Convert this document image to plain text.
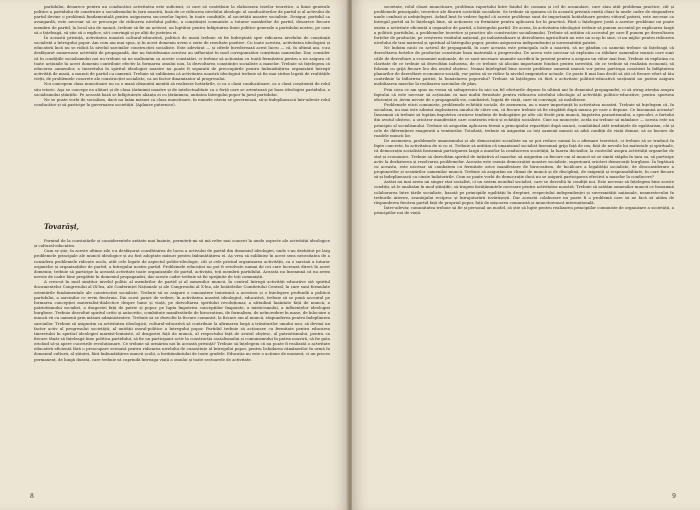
partidului, deoarece pentru un conducător activitatea este suficient, ci care să contribuie la elaborarea tezelor teoretice, a liniei generale politice a partidului de construire a socialismului în țara noastră, însă de ce ridicarea nivelului ideologic al conducătorilor de partid și al activului de partid devine o problemă fundamentală pentru asigurarea succeselor luptei, în toate condițiile, al societății noastre socialiste. Desigur, partidul ca avangardă, este necesar să se preocupe de ridicarea nivelului politic, a conștiinței comuniste a tuturor membrilor de partid, deoarece fiecare membru de partid, la locul său de muncă, trebuie să fie un activist, un luptător pentru înfăptuirea liniei politice generale a partidului nostru, pe care să o înțeleagă, să știe să o explice, să-i convingă și pe alții de justețea ei.

În această privință, activitatea noastră cultural-educativă, politică de masă trebuie să fie îndreptată spre ridicarea nivelului de conștiință socialistă a întregului popor. Am cum am mai spus, și în acest domeniu avem o serie de rezultate pozitive. Cu toate acestea, activitatea ideologică și educativă încă nu se ridică la nivelul sarcinilor construcției socialiste. Este adevărat — și cifrele învederează acest lucru — că, în ultimii ani, s-au desfășurat numeroase activități de propagandă, dar nu întotdeauna acestea au influențat în mod corespunzător conștiința oamenilor. Dar, consider că în condițiile socialismului noi nu trebuie să ne mulțumim cu aceste constatări, ci trebuie să acționăm cu toată fermitatea pentru a ne asigura că toate acțiunile în acest domeniu contribuie efectiv la formarea omului nou, la dezvoltarea conștiinței socialiste a maselor. Trebuie să înțelegem că educarea oamenilor, a tineretului în spiritul ideologiei noastre nu poate fi separată de preocupările pentru îmbunătățirea organizării întregii activități de masă, a muncii de partid cu oamenii. Trebuie să subliniem că activitatea noastră ideologică trebuie să fie mai strâns legată de realitățile vieții, de problemele concrete ale construcției socialiste, ca un factor dinamizator al progresului.

Noi concepem clasa muncitoare nu ca o masă obișnuită menită să realizeze hotărârile, ci ca o clasă conducătoare, ca o clasă conștientă de rolul său istoric. Aşa se concepe ea alături și de clasa țărănimii noastre și de intelectualitate ca o forță care se orientează pe baza ideologiei partidului, a socialismului științific. Pe această bază se înfăptuiește alianța ei cu țărănimea, unitatea întregului popor în jurul partidului.

Ne se poate vorbi de socialism, dacă nu luăm măsuri ca clasa muncitoare, în numele căreia se guvernează, să-și îndeplinească într-adevăr rolul conducător și să participe la guvernarea societății. (Aplauze puternice).

Tovarăși,

Pornind de la constatările și considerentele arătate mai înainte, permiteți-mi să mă refer mai concret la unele aspecte ale activității ideologice și cultural-educative.

Cum se știe, în aceste ultime zile s-a desfășurat consfătuirea de lucru a activului de partid din domeniul ideologiei, unde s-au dezbătut pe larg problemele principale ale muncii ideologice și au fost adoptate măsuri pentru îmbunătățirea ei. Aș vrea să subliniez în acest sens necesitatea de a considera problemele ridicate acolo, atât cele legate de aspectul politic-ideologic, cât și cele privind organizarea activității, ca o sarcină a tuturor organelor și organizațiilor de partid, a întregului nostru partid. Problemele educației nu pot fi rezolvate numai de cei care lucrează direct în acest domeniu; trebuie să participe la această activitate toate organizațiile de partid, activiștii, toți membrii partidului. Aceasta nu înseamnă că nu avem nevoie de cadre bine pregătite în domeniul propagandei, dar aceste cadre trebuie să fie sprijinite de toți comuniștii.

A crescut în mod simțitor nivelul politic al membrilor de partid și al oamenilor muncii. În centrul întregii activități educative stă spiritul documentelor Congresului al IX-lea, ale Conferinței Naționale și ale Congresului al X-lea, ale hotărârilor Comitetului Central, în care sunt formulate orientările fundamentale ale construcției socialiste. Trebuie să se asigure o cunoaștere temeinică a acestora și o înțelegere profundă a politicii partidului, a sarcinilor ce revin fiecăruia. Din acest punct de vedere, în activitatea noastră ideologică, educativă, trebuie să se pună accentul pe formarea concepției materialist-dialectice despre lume și viață, pe dezvoltarea spiritului revoluționar, a atitudinii înaintate față de muncă, a patriotismului socialist, a dragostei față de patrie și popor, pe lupta împotriva concepțiilor înapoiate, a misticismului, a influențelor ideologiei burgheze. Trebuie dezvoltat spiritul critic și autocritic, combătute manifestările de birocratism, de formalism, de neîncredere în mase, de înlocuire a muncii vii cu oamenii prin măsuri administrative. Trebuie să se dezvolte la fiecare comunist, la fiecare om al muncii, răspunderea pentru îndeplinirea sarcinilor. Trebuie să asigurăm ca activitatea ideologică, cultural-educativă să contribuie la afirmarea largă a trăsăturilor omului nou, să devină un factor activ al progresului societății, al unității moral-politice a întregului popor. Partidul trebuie să acționeze cu fermitate pentru educarea tineretului în spiritul ideologiei marxist-leniniste, al dragostei față de muncă, al respectului față de avutul obștesc, al patriotismului, pentru ca fiecare tânăr să înțeleagă bine politica partidului, să fie un participant activ la construcția socialismului și comunismului în patria noastră, să fie gata oricând să-și apere cuceririle revoluționare. Ce trebuie să urmărim noi în această privință? Trebuie să înțelegem că nu poate fi realizată o activitate educativă eficientă fără o preocupare serioasă pentru ridicarea nivelului de cunoștințe al întregului popor, pentru lichidarea rămânerilor în urmă în domeniul culturii, al științei, fără îmbunătățirea muncii școlii, a învățământului de toate gradele. Educația nu este o acțiune de moment, ci un proces permanent, de lungă durată, care trebuie să cuprindă întreaga viață a omului și toate sectoarele de activitate.

8

societate, rolul clasei muncitoare, problema raportului între fondul de consum și cel de acumulare, care stau atât problema practice, cât și problemele principiale, teoretice ale făuririi societății socialiste. Se trebuie să spunem că în această privință există chiar la unele cadre de răspundere unele confuzii și neînțelegeri. Având însă în vedere faptul că aceste probleme sunt de importanță hotărâtoare pentru viitorul patriei, este necesar ca întregul partid să le înțeleagă bine, să acționeze cu fermitate pentru aplicarea lor în practică. Fără o înțelegere justă a acestor probleme nu poate exista o activitate eficientă a organelor de partid, a întregului partid. De aceea, în activitatea ideologică trebuie să punem accentul pe explicarea largă a politicii partidului, a problemelor teoretice și practice ale construcției socialismului. Trebuie să arătăm că accentul pe care îl punem pe dezvoltarea forțelor de producție, pe creșterea venitului național, pe industrializare și dezvoltarea agriculturii nu este un scop în sine, ci un mijloc pentru ridicarea nivelului de trai material și spiritual al întregului popor, pentru asigurarea independenței și suveranității patriei.

Ne îndoim nicăi cu activul de propagandă, în care aceasta este principala cale a noastră, să ne gândim ca oamenii trebuie să înțeleagă că dezvoltarea forțelor de producție constituie baza materială a progresului. De aceea este necesar să explicăm cu răbdare oamenilor muncii care sunt căile de dezvoltare a economiei naționale, de ce sunt necesare anumite sacrificii în prezent pentru a asigura un viitor mai bun. Trebuie să explicăm cu claritate de ce trebuie să dezvoltăm industria, de ce trebuie să alocăm importante fonduri pentru investiții, de ce trebuie să realizăm economii, să folosim cu grijă fiecare leu din avutul obștesc. Numai înțelegând bine aceste probleme oamenii muncii vor putea participa conștient la înfăptuirea planurilor de dezvoltare economico-socială, vor putea să se ridice la nivelul exigențelor actuale. Ce poate fi mai bun decât să știi că fiecare efort al tău contribuie la înflorirea patriei, la bunăstarea poporului? Trebuie să înțelegem că fără o activitate politică-educativă susținută nu putem asigura mobilizarea maselor la realizarea sarcinilor de plan.

Prin ceea ce am spus nu vreau să subapreciez în nici un fel eforturile depuse în ultimii ani în domeniul propagandei, ci să atrag atenția asupra faptului că este necesar să acționăm cu mai multă fermitate pentru ridicarea nivelului ideologic al activității politico-educative, pentru sporirea eficienței ei. Avem nevoie de o propagandă vie, combativă, legată de viață, care să convingă, să mobilizeze.

Problemele eticii comuniste, problemele echității sociale, de asemenea, au o mare importanță în activitatea noastră. Trebuie să înțelegem că, în socialism, nu mai este admisă exploatarea omului de către om, că fiecare trebuie să fie răsplătit după munca pe care o depune. Ce înseamnă aceasta? Înseamnă că trebuie să luptăm împotriva oricăror tendințe de îmbogățire pe alte căi decât prin muncă, împotriva parazitismului, a speculei, a furtului din avutul obștesc, a oricăror manifestări care contravin eticii și echității socialiste. Cine nu muncește, acela nu trebuie să mănânce — acesta este un principiu al socialismului. Trebuie să asigurăm aplicarea fermă a principiului repartiției după muncă, combătând atât tendințele de egalitarism, cât și cele de diferențiere exagerată a veniturilor. Totodată, trebuie să asigurăm ca toți oamenii muncii să aibă condiții de viață demne, să se bucure de roadele muncii lor.

De asemenea, problemele umanismului și ale democrației socialiste nu se pot reduce numai la o afirmare teoretică, ci trebuie să se traducă în fapte concrete, în activitatea de zi cu zi. Trebuie să arătăm că umanismul socialist înseamnă grija față de om, față de nevoile lui materiale și spirituale, că democrația socialistă înseamnă participarea largă a maselor la conducerea societății, la luarea deciziilor, la controlul asupra activității organelor de stat și economice. Trebuie să dezvoltăm spiritul de inițiativă al maselor, să asigurăm ca fiecare om al muncii să se simtă stăpân în țara sa, să participe activ la dezbaterea și rezolvarea problemelor. Aceasta este esența democrației noastre socialiste, superioară oricărei democrații burgheze. În legătură cu aceasta, este necesar să combatem cu fermitate orice manifestare de birocratism, de încălcare a legalității socialiste, de desconsiderare a propunerilor și sesizărilor oamenilor muncii. Trebuie să asigurăm un climat de muncă și de disciplină, de exigență și responsabilitate, în care fiecare să-și îndeplinească cu cinste îndatoririle. Cum se poate vorbi de democrație dacă nu se asigură participarea efectivă a maselor la conducere?

Astăzi nu mai avem un singur stat socialist, ci un sistem mondial socialist, care se dezvoltă în condiții noi. Este necesar să înțelegem bine aceste condiții, să le analizăm în mod științific, să tragem învățămintele necesare pentru activitatea noastră. Trebuie să arătăm oamenilor muncii ce înseamnă colaborarea între țările socialiste, bazată pe principiile egalității în drepturi, respectului independenței și suveranității naționale, neamestecului în treburile interne, avantajului reciproc și întrajutorării tovărășești. Dar această colaborare nu poate fi o problemă care să ne facă să uităm de răspunderea fiecărui partid față de propriul popor, față de mișcarea comunistă și muncitorească internațională.

Între-adevăr, comunitatea trebuie să fie și personal un model, să știe să lupte pentru realizarea principiilor comuniste de organizare a societății, a principiilor noi de viață.

9
